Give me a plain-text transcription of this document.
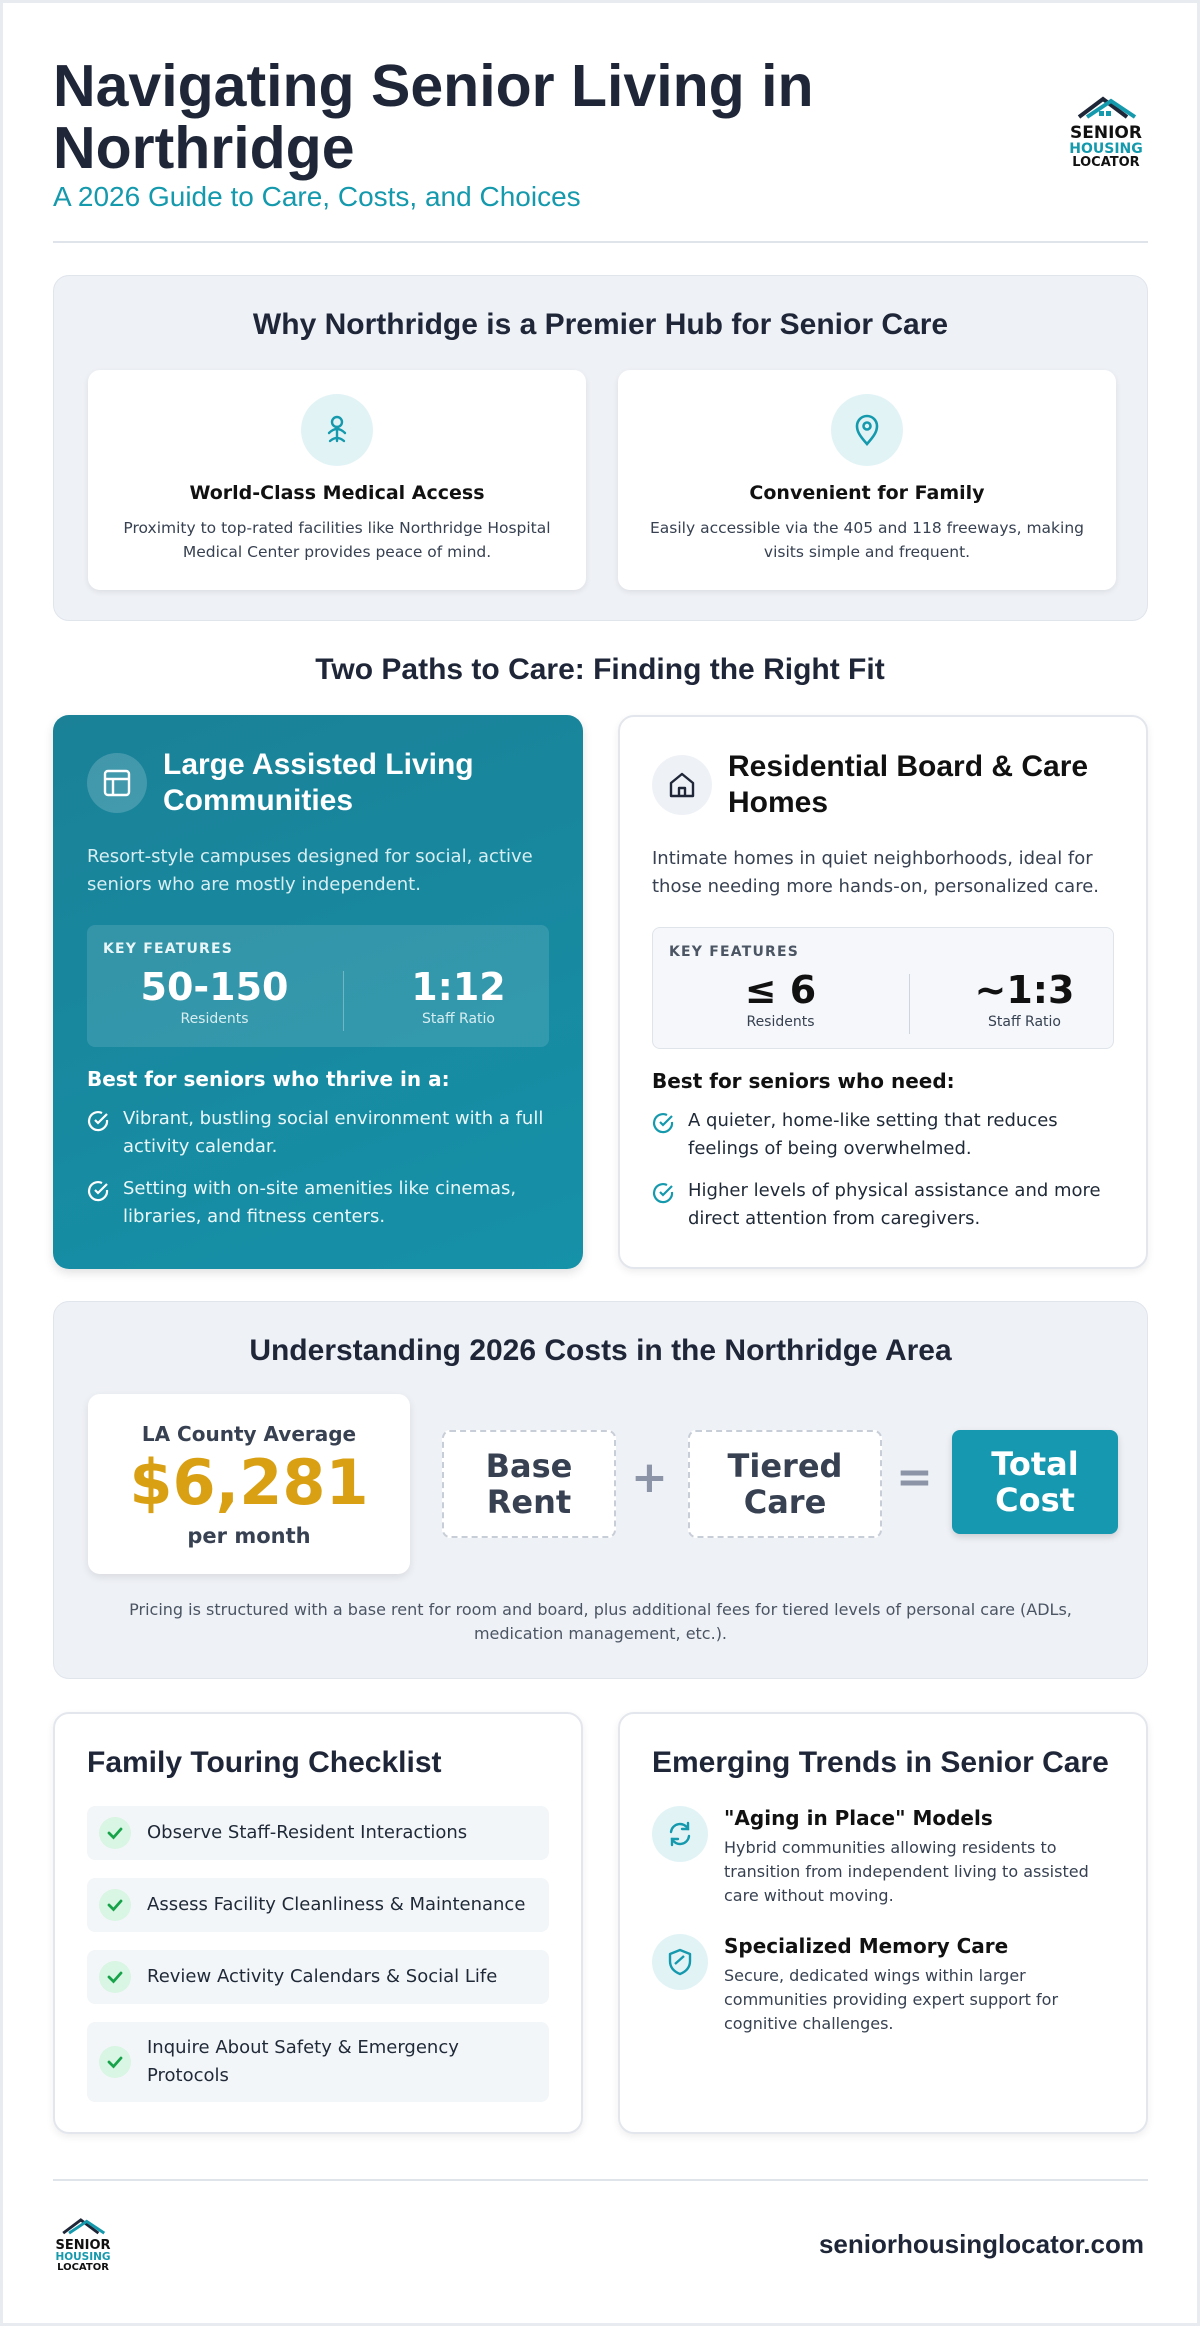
Navigating Senior Living in Northridge
A 2026 Guide to Care, Costs, and Choices
SENIOR
HOUSING
LOCATOR
Why Northridge is a Premier Hub for Senior Care
World-Class Medical Access
Proximity to top-rated facilities like Northridge Hospital Medical Center provides peace of mind.
Convenient for Family
Easily accessible via the 405 and 118 freeways, making visits simple and frequent.
Two Paths to Care: Finding the Right Fit
Large Assisted Living Communities
Resort-style campuses designed for social, active seniors who are mostly independent.
KEY FEATURES
50-150
Residents
1:12
Staff Ratio
Best for seniors who thrive in a:
Vibrant, bustling social environment with a full activity calendar.
Setting with on-site amenities like cinemas, libraries, and fitness centers.
Residential Board & Care Homes
Intimate homes in quiet neighborhoods, ideal for those needing more hands-on, personalized care.
KEY FEATURES
≤ 6
Residents
~1:3
Staff Ratio
Best for seniors who need:
A quieter, home-like setting that reduces feelings of being overwhelmed.
Higher levels of physical assistance and more direct attention from caregivers.
Understanding 2026 Costs in the Northridge Area
LA County Average
$6,281
per month
Base Rent	+	Tiered Care	=	Total Cost
Pricing is structured with a base rent for room and board, plus additional fees for tiered levels of personal care (ADLs, medication management, etc.).
Family Touring Checklist
Observe Staff-Resident Interactions
Assess Facility Cleanliness & Maintenance
Review Activity Calendars & Social Life
Inquire About Safety & Emergency Protocols
Emerging Trends in Senior Care
"Aging in Place" Models
Hybrid communities allowing residents to transition from independent living to assisted care without moving.
Specialized Memory Care
Secure, dedicated wings within larger communities providing expert support for cognitive challenges.
SENIOR
HOUSING
LOCATOR
seniorhousinglocator.com
